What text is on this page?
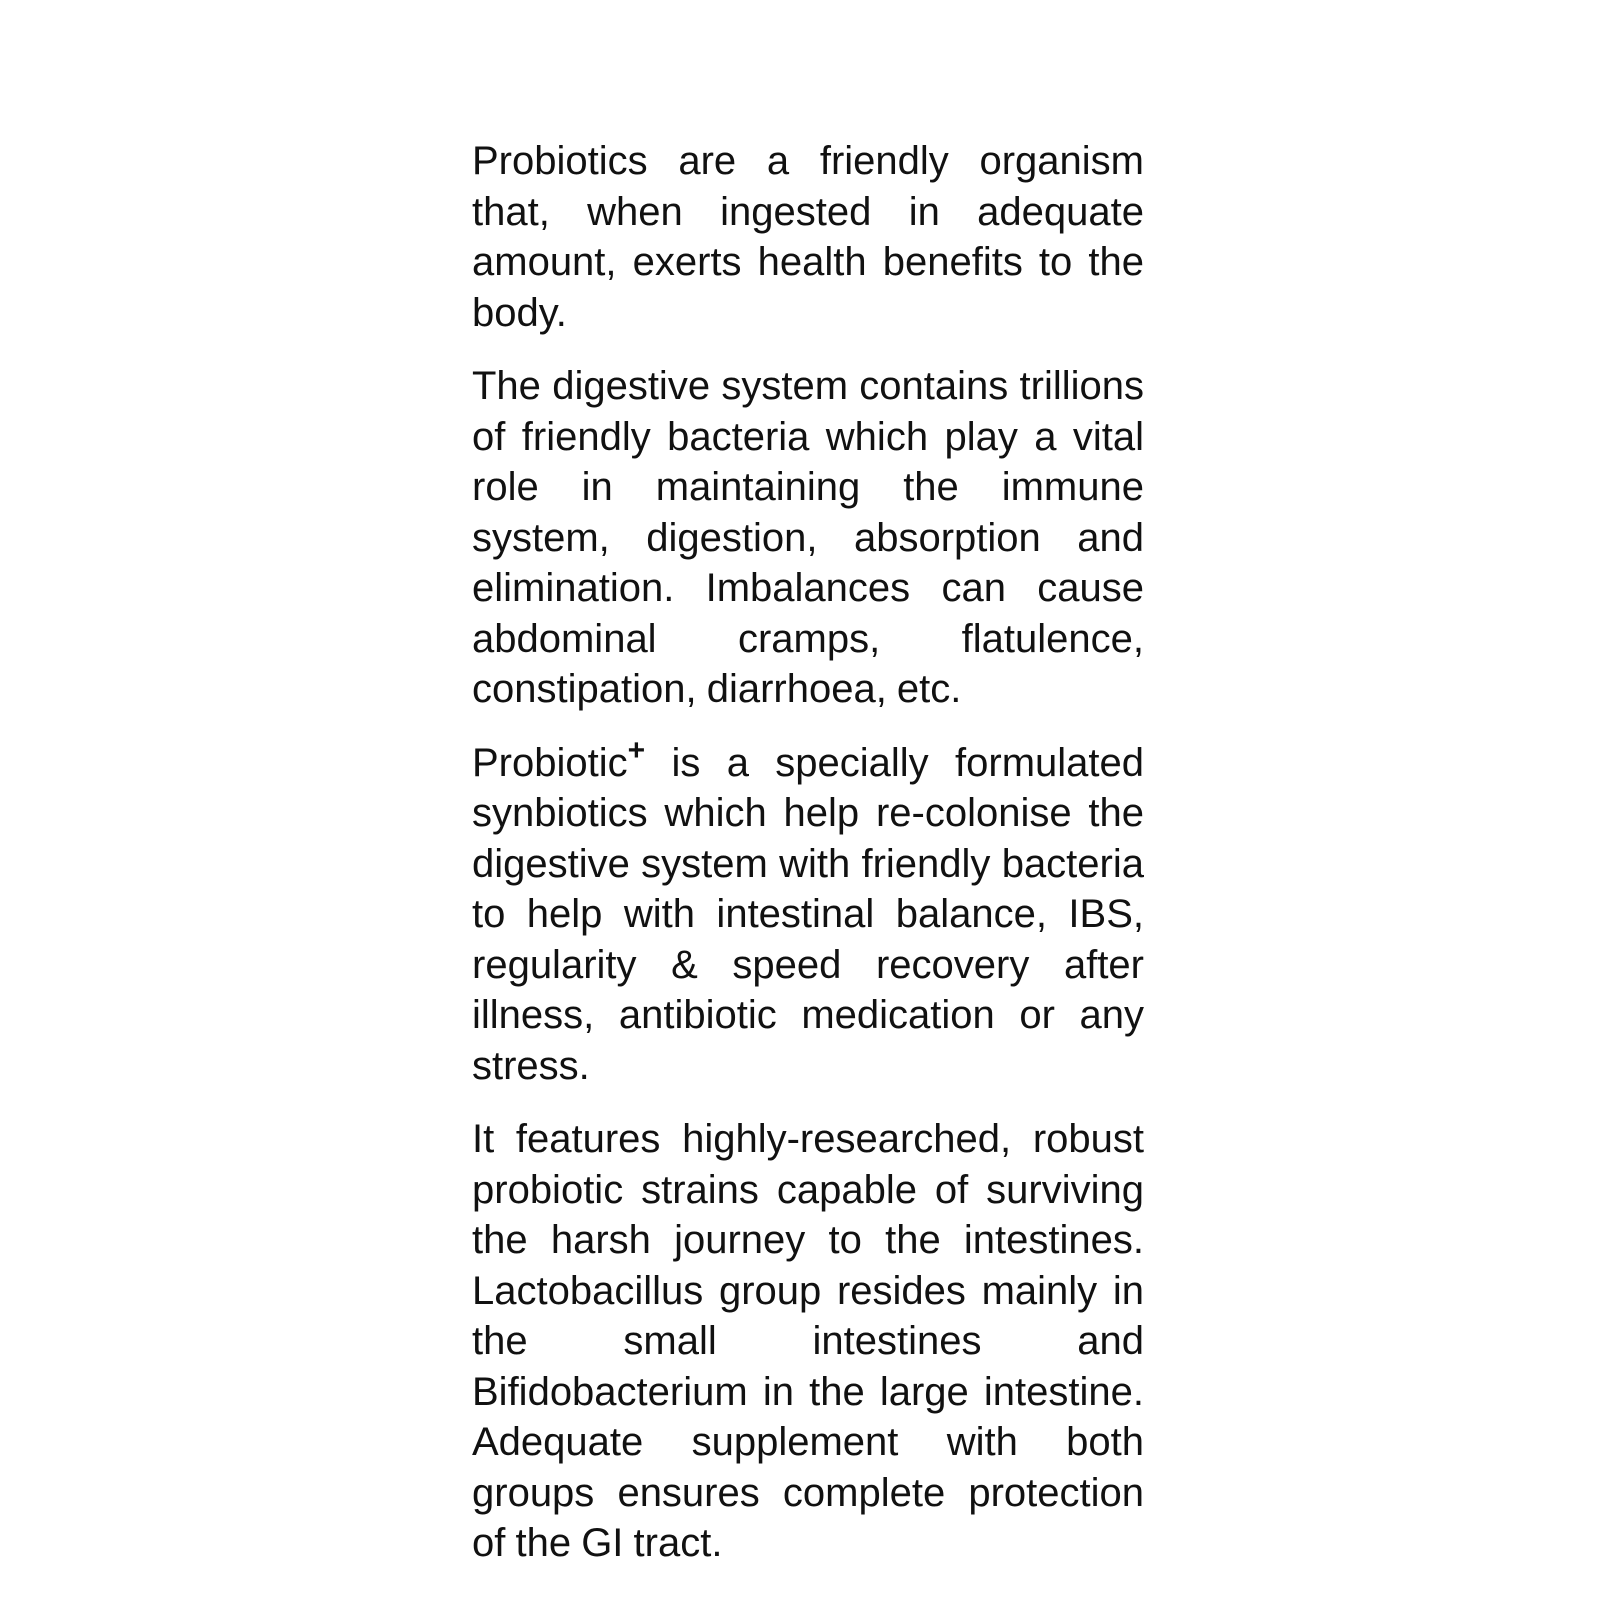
Probiotics are a friendly organism that, when ingested in adequate amount, exerts health benefits to the body.

The digestive system contains trillions of friendly bacteria which play a vital role in maintaining the immune system, digestion, absorption and elimination. Imbalances can cause abdominal cramps, flatulence, constipation, diarrhoea, etc.

Probiotic+ is a specially formulated synbiotics which help re-colonise the digestive system with friendly bacteria to help with intestinal balance, IBS, regularity & speed recovery after illness, antibiotic medication or any stress.

It features highly-researched, robust probiotic strains capable of surviving the harsh journey to the intestines. Lactobacillus group resides mainly in the small intestines and Bifidobacterium in the large intestine. Adequate supplement with both groups ensures complete protection of the GI tract.
